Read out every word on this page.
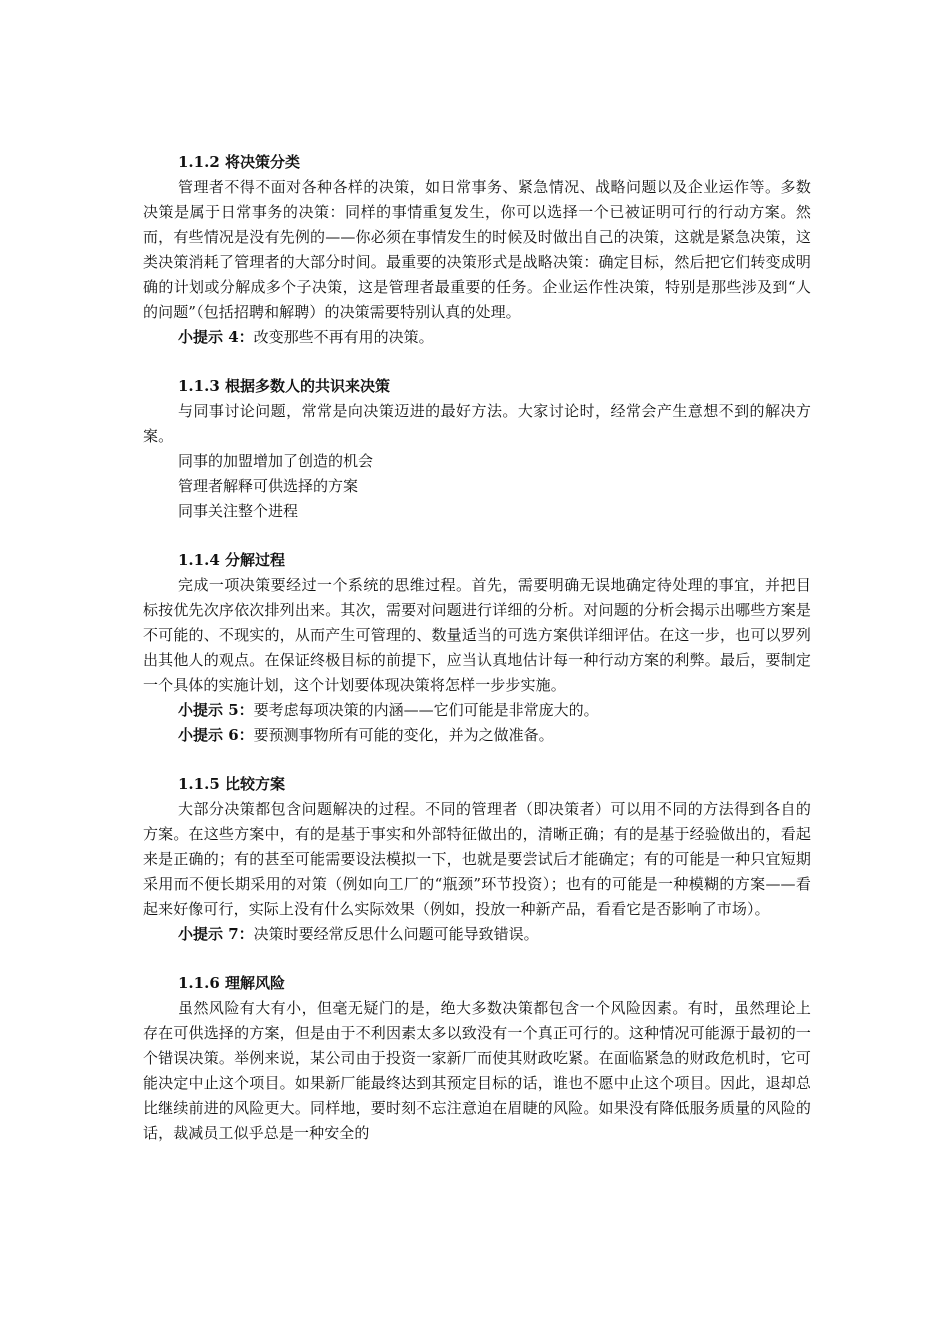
1.1.2 将决策分类

管理者不得不面对各种各样的决策，如日常事务、紧急情况、战略问题以及企业运作等。多数决策是属于日常事务的决策：同样的事情重复发生，你可以选择一个已被证明可行的行动方案。然而，有些情况是没有先例的——你必须在事情发生的时候及时做出自己的决策，这就是紧急决策，这类决策消耗了管理者的大部分时间。最重要的决策形式是战略决策：确定目标，然后把它们转变成明确的计划或分解成多个子决策，这是管理者最重要的任务。企业运作性决策，特别是那些涉及到“人的问题”（包括招聘和解聘）的决策需要特别认真的处理。

小提示 4：改变那些不再有用的决策。

1.1.3 根据多数人的共识来决策

与同事讨论问题，常常是向决策迈进的最好方法。大家讨论时，经常会产生意想不到的解决方案。

同事的加盟增加了创造的机会

管理者解释可供选择的方案

同事关注整个进程

1.1.4 分解过程

完成一项决策要经过一个系统的思维过程。首先，需要明确无误地确定待处理的事宜，并把目标按优先次序依次排列出来。其次，需要对问题进行详细的分析。对问题的分析会揭示出哪些方案是不可能的、不现实的，从而产生可管理的、数量适当的可选方案供详细评估。在这一步，也可以罗列出其他人的观点。在保证终极目标的前提下，应当认真地估计每一种行动方案的利弊。最后，要制定一个具体的实施计划，这个计划要体现决策将怎样一步步实施。

小提示 5：要考虑每项决策的内涵——它们可能是非常庞大的。

小提示 6：要预测事物所有可能的变化，并为之做准备。

1.1.5 比较方案

大部分决策都包含问题解决的过程。不同的管理者（即决策者）可以用不同的方法得到各自的方案。在这些方案中，有的是基于事实和外部特征做出的，清晰正确；有的是基于经验做出的，看起来是正确的；有的甚至可能需要设法模拟一下，也就是要尝试后才能确定；有的可能是一种只宜短期采用而不便长期采用的对策（例如向工厂的“瓶颈”环节投资）；也有的可能是一种模糊的方案——看起来好像可行，实际上没有什么实际效果（例如，投放一种新产品，看看它是否影响了市场）。

小提示 7：决策时要经常反思什么问题可能导致错误。

1.1.6 理解风险

虽然风险有大有小，但毫无疑门的是，绝大多数决策都包含一个风险因素。有时，虽然理论上存在可供选择的方案，但是由于不利因素太多以致没有一个真正可行的。这种情况可能源于最初的一个错误决策。举例来说，某公司由于投资一家新厂而使其财政吃紧。在面临紧急的财政危机时，它可能决定中止这个项目。如果新厂能最终达到其预定目标的话，谁也不愿中止这个项目。因此，退却总比继续前进的风险更大。同样地，要时刻不忘注意迫在眉睫的风险。如果没有降低服务质量的风险的话，裁减员工似乎总是一种安全的
